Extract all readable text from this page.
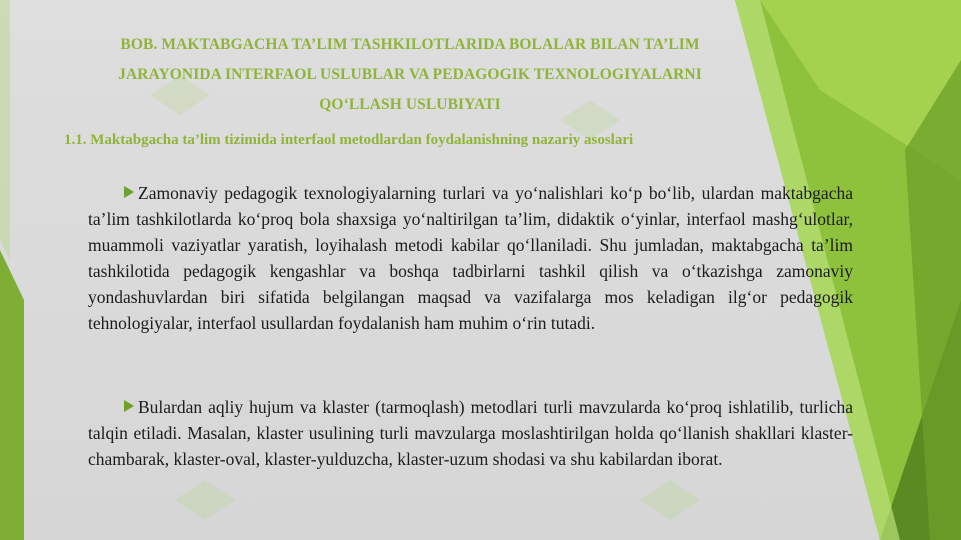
BOB. MAKTABGACHA TA’LIM TASHKILOTLARIDA BOLALAR BILAN TA’LIM
JARAYONIDA INTERFAOL USLUBLAR VA PEDAGOGIK TEXNOLOGIYALARNI
QO‘LLASH USLUBIYATI
1.1. Maktabgacha ta’lim tizimida interfaol metodlardan foydalanishning nazariy asoslari
Zamonaviy pedagogik texnologiyalarning turlari va yo‘nalishlari ko‘p bo‘lib, ulardan maktabgacha ta’lim tashkilotlarda ko‘proq bola shaxsiga yo‘naltirilgan ta’lim, didaktik o‘yinlar, interfaol mashg‘ulotlar, muammoli vaziyatlar yaratish, loyihalash metodi kabilar qo‘llaniladi. Shu jumladan, maktabgacha ta’lim tashkilotida pedagogik kengashlar va boshqa tadbirlarni tashkil qilish va o‘tkazishga zamonaviy yondashuvlardan biri sifatida belgilangan maqsad va vazifalarga mos keladigan ilg‘or pedagogik tehnologiyalar, interfaol usullardan foydalanish ham muhim o‘rin tutadi.
Bulardan aqliy hujum va klaster (tarmoqlash) metodlari turli mavzularda ko‘proq ishlatilib, turlicha talqin etiladi. Masalan, klaster usulining turli mavzularga moslashtirilgan holda qo‘llanish shakllari klaster-chambarak, klaster-oval, klaster-yulduzcha, klaster-uzum shodasi va shu kabilardan iborat.
